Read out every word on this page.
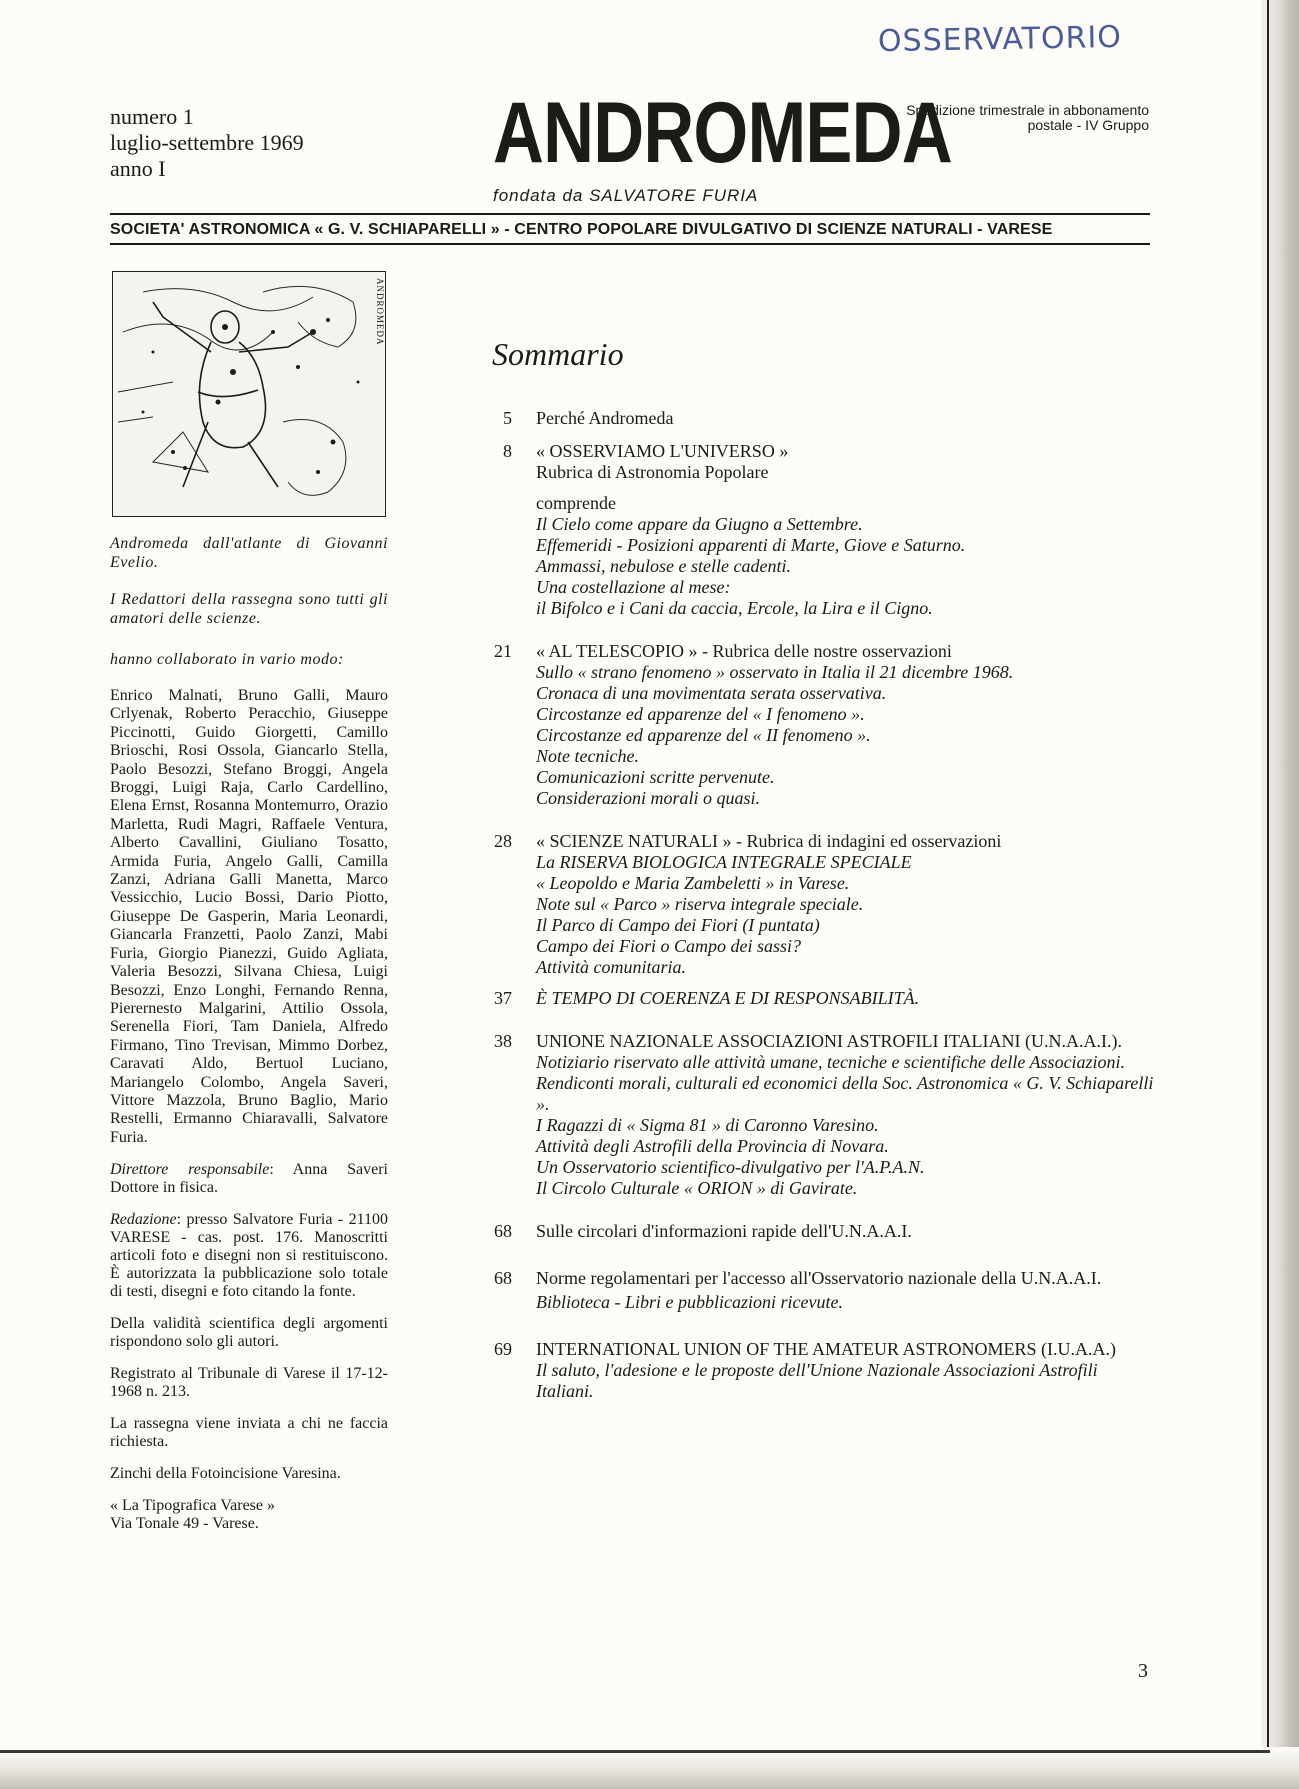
OSSERVATORIO
numero 1
luglio-settembre 1969
anno I	ANDROMEDA
fondata da SALVATORE FURIA
Spedizione trimestrale in abbonamento
postale - IV Gruppo
SOCIETA' ASTRONOMICA « G. V. SCHIAPARELLI » - CENTRO POPOLARE DIVULGATIVO DI SCIENZE NATURALI - VARESE
ANDROMEDA

Andromeda dall'atlante di Giovanni Evelio.

I Redattori della rassegna sono tutti gli amatori delle scienze.

hanno collaborato in vario modo:

Enrico Malnati, Bruno Galli, Mauro Crlyenak, Roberto Peracchio, Giuseppe Piccinotti, Guido Giorgetti, Camillo Brioschi, Rosi Ossola, Giancarlo Stella, Paolo Besozzi, Stefano Broggi, Angela Broggi, Luigi Raja, Carlo Cardellino, Elena Ernst, Rosanna Montemurro, Orazio Marletta, Rudi Magri, Raffaele Ventura, Alberto Cavallini, Giuliano Tosatto, Armida Furia, Angelo Galli, Camilla Zanzi, Adriana Galli Manetta, Marco Vessicchio, Lucio Bossi, Dario Piotto, Giuseppe De Gasperin, Maria Leonardi, Giancarla Franzetti, Paolo Zanzi, Mabi Furia, Giorgio Pianezzi, Guido Agliata, Valeria Besozzi, Silvana Chiesa, Luigi Besozzi, Enzo Longhi, Fernando Renna, Pierernesto Malgarini, Attilio Ossola, Serenella Fiori, Tam Daniela, Alfredo Firmano, Tino Trevisan, Mimmo Dorbez, Caravati Aldo, Bertuol Luciano, Mariangelo Colombo, Angela Saveri, Vittore Mazzola, Bruno Baglio, Mario Restelli, Ermanno Chiaravalli, Salvatore Furia.

Direttore responsabile: Anna Saveri Dottore in fisica.

Redazione: presso Salvatore Furia - 21100 VARESE - cas. post. 176. Manoscritti articoli foto e disegni non si restituiscono. È autorizzata la pubblicazione solo totale di testi, disegni e foto citando la fonte.

Della validità scientifica degli argomenti rispondono solo gli autori.

Registrato al Tribunale di Varese il 17-12-1968 n. 213.

La rassegna viene inviata a chi ne faccia richiesta.

Zinchi della Fotoincisione Varesina.

« La Tipografica Varese »

Via Tonale 49 - Varese.

Sommario
5 Perché Andromeda
8 « OSSERVIAMO L'UNIVERSO »
Rubrica di Astronomia Popolare
comprende
Il Cielo come appare da Giugno a Settembre.
Effemeridi - Posizioni apparenti di Marte, Giove e Saturno.
Ammassi, nebulose e stelle cadenti.
Una costellazione al mese:
il Bifolco e i Cani da caccia, Ercole, la Lira e il Cigno.
21 « AL TELESCOPIO » - Rubrica delle nostre osservazioni
Sullo « strano fenomeno » osservato in Italia il 21 dicembre 1968.
Cronaca di una movimentata serata osservativa.
Circostanze ed apparenze del « I fenomeno ».
Circostanze ed apparenze del « II fenomeno ».
Note tecniche.
Comunicazioni scritte pervenute.
Considerazioni morali o quasi.
28 « SCIENZE NATURALI » - Rubrica di indagini ed osservazioni
La RISERVA BIOLOGICA INTEGRALE SPECIALE
« Leopoldo e Maria Zambeletti » in Varese.
Note sul « Parco » riserva integrale speciale.
Il Parco di Campo dei Fiori (I puntata)
Campo dei Fiori o Campo dei sassi?
Attività comunitaria.
37 È TEMPO DI COERENZA E DI RESPONSABILITÀ.
38 UNIONE NAZIONALE ASSOCIAZIONI ASTROFILI ITALIANI (U.N.A.A.I.).
Notiziario riservato alle attività umane, tecniche e scientifiche delle Associazioni.
Rendiconti morali, culturali ed economici della Soc. Astronomica « G. V. Schiaparelli ».
I Ragazzi di « Sigma 81 » di Caronno Varesino.
Attività degli Astrofili della Provincia di Novara.
Un Osservatorio scientifico-divulgativo per l'A.P.A.N.
Il Circolo Culturale « ORION » di Gavirate.
68 Sulle circolari d'informazioni rapide dell'U.N.A.A.I.
68 Norme regolamentari per l'accesso all'Osservatorio nazionale della U.N.A.A.I.
Biblioteca - Libri e pubblicazioni ricevute.
69 INTERNATIONAL UNION OF THE AMATEUR ASTRONOMERS (I.U.A.A.)
Il saluto, l'adesione e le proposte dell'Unione Nazionale Associazioni Astrofili Italiani.
3
